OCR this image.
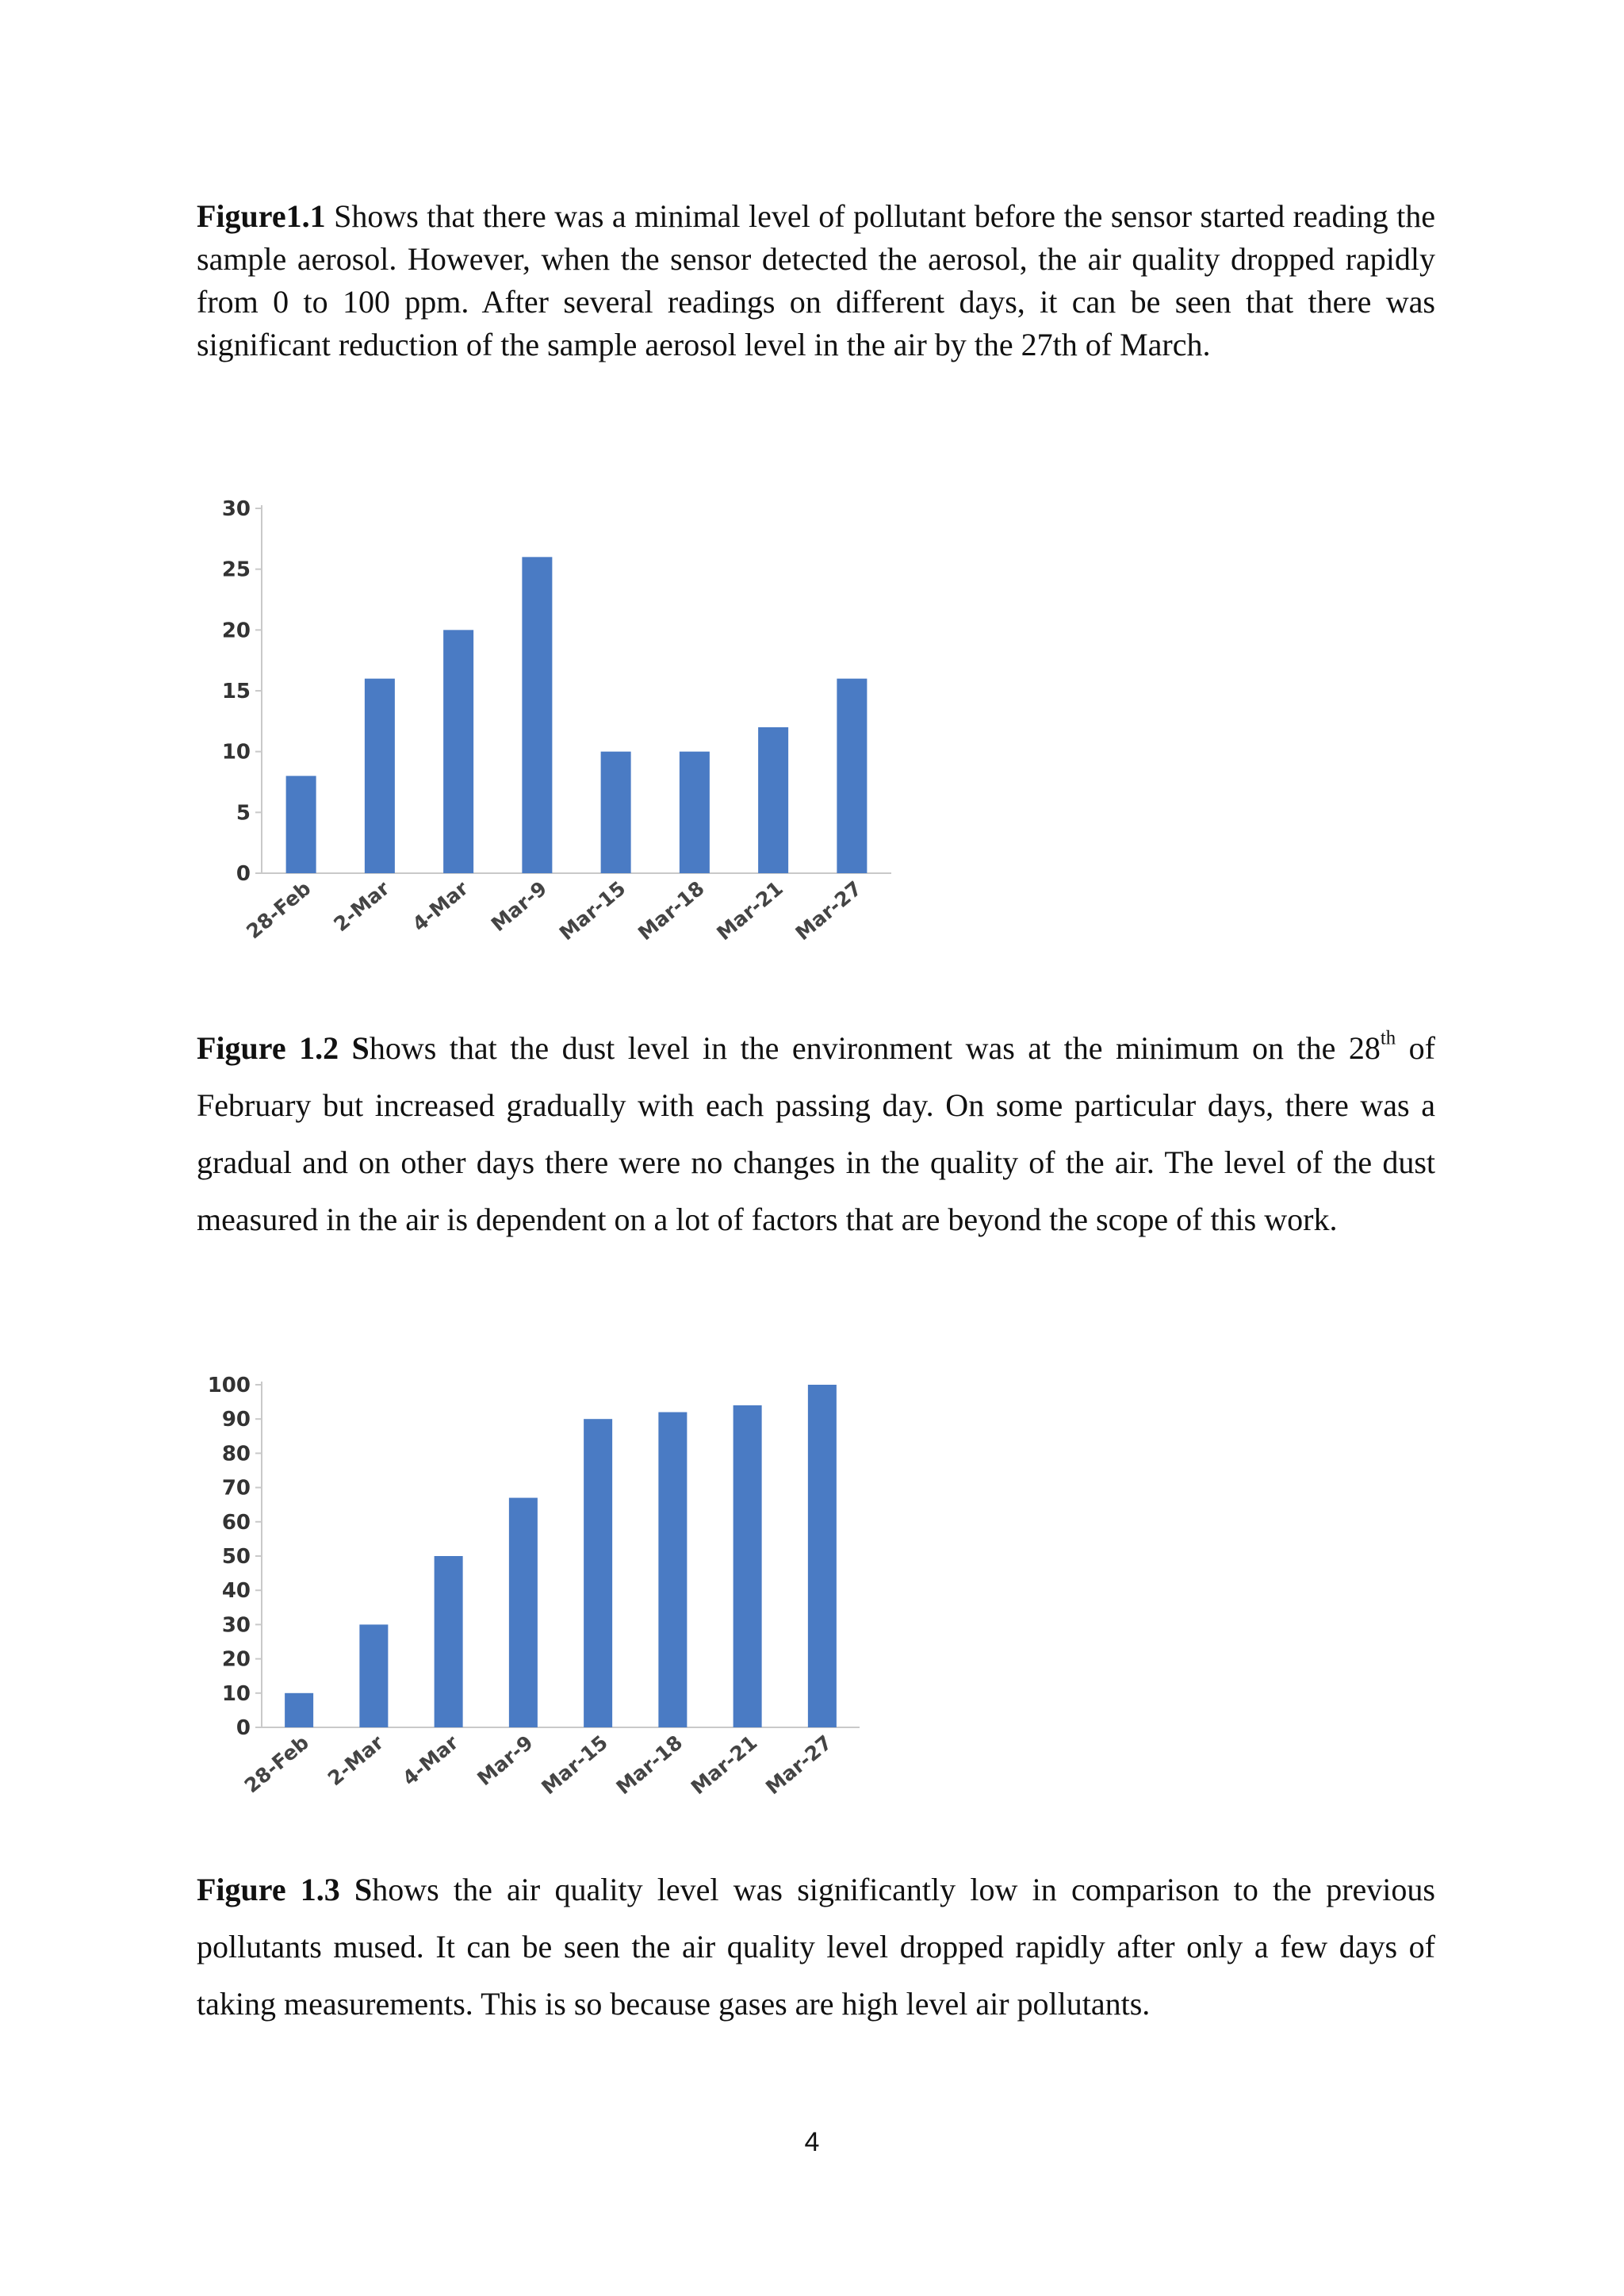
Figure1.1 Shows that there was a minimal level of pollutant before the sensor started reading the sample aerosol. However, when the sensor detected the aerosol, the air quality dropped rapidly from 0 to 100 ppm. After several readings on different days, it can be seen that there was significant reduction of the sample aerosol level in the air by the 27th of March.

0
5
10
15
20
25
30
28-Feb 2-Mar 4-Mar Mar-9 Mar-15 Mar-18 Mar-21 Mar-27

Figure 1.2 Shows that the dust level in the environment was at the minimum on the 28th of February but increased gradually with each passing day. On some particular days, there was a gradual and on other days there were no changes in the quality of the air. The level of the dust measured in the air is dependent on a lot of factors that are beyond the scope of this work.

0
10
20
30
40
50
60
70
80
90
100
28-Feb 2-Mar 4-Mar Mar-9 Mar-15 Mar-18 Mar-21 Mar-27

Figure 1.3 Shows the air quality level was significantly low in comparison to the previous pollutants mused. It can be seen the air quality level dropped rapidly after only a few days of taking measurements. This is so because gases are high level air pollutants.

4
